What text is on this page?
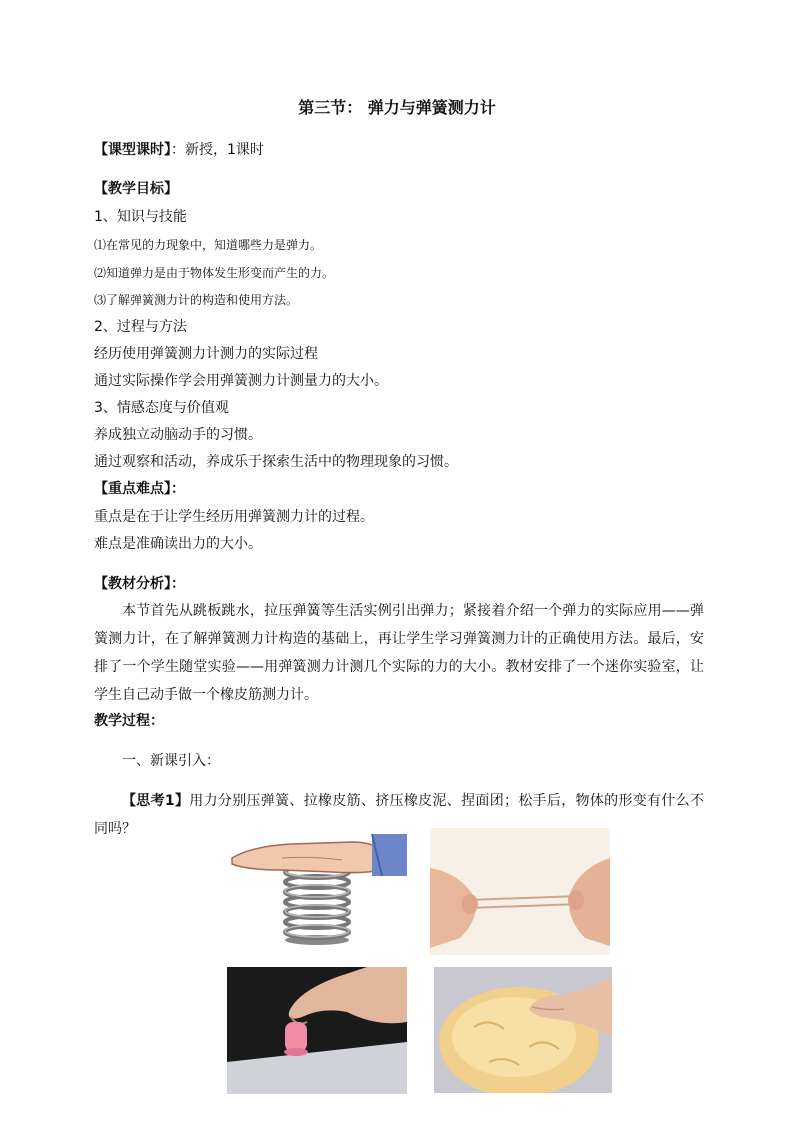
第三节： 弹力与弹簧测力计
【课型课时】：新授，1课时
【教学目标】
1、知识与技能
⑴在常见的力现象中，知道哪些力是弹力。
⑵知道弹力是由于物体发生形变而产生的力。
⑶了解弹簧测力计的构造和使用方法。
2、过程与方法
经历使用弹簧测力计测力的实际过程
通过实际操作学会用弹簧测力计测量力的大小。
3、情感态度与价值观
养成独立动脑动手的习惯。
通过观察和活动，养成乐于探索生活中的物理现象的习惯。
【重点难点】：
重点是在于让学生经历用弹簧测力计的过程。
难点是准确读出力的大小。
【教材分析】：
本节首先从跳板跳水，拉压弹簧等生活实例引出弹力；紧接着介绍一个弹力的实际应用——弹簧测力计，在了解弹簧测力计构造的基础上，再让学生学习弹簧测力计的正确使用方法。最后，安排了一个学生随堂实验——用弹簧测力计测几个实际的力的大小。教材安排了一个迷你实验室，让学生自己动手做一个橡皮筋测力计。
教学过程：
一、新课引入：
【思考1】用力分别压弹簧、拉橡皮筋、挤压橡皮泥、捏面团；松手后，物体的形变有什么不同吗？
